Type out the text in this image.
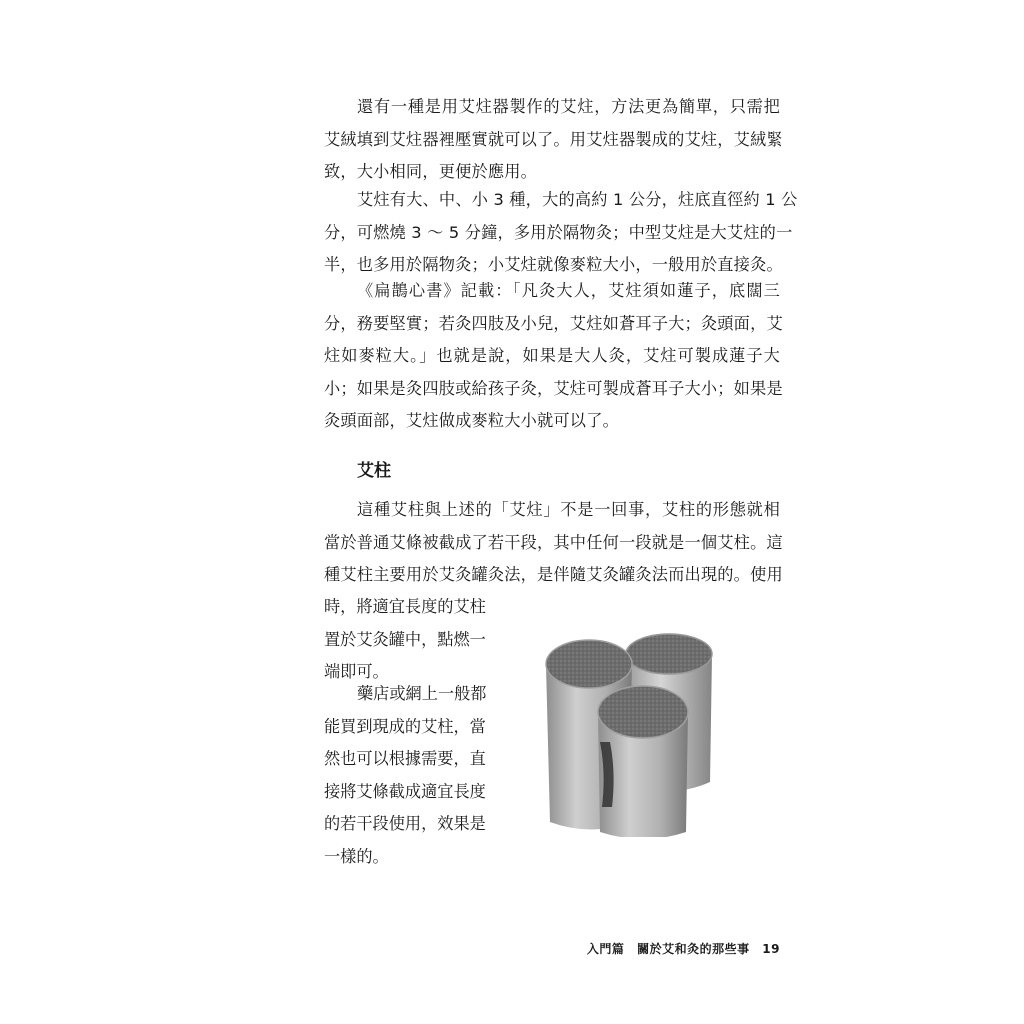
還有一種是用艾炷器製作的艾炷，方法更為簡單，只需把
艾絨填到艾炷器裡壓實就可以了。用艾炷器製成的艾炷，艾絨緊
致，大小相同，更便於應用。
艾炷有大、中、小 3 種，大的高約 1 公分，炷底直徑約 1 公
分，可燃燒 3 ～ 5 分鐘，多用於隔物灸；中型艾炷是大艾炷的一
半，也多用於隔物灸；小艾炷就像麥粒大小，一般用於直接灸。
《扁鵲心書》記載：「凡灸大人，艾炷須如蓮子，底闊三
分，務要堅實；若灸四肢及小兒，艾炷如蒼耳子大；灸頭面，艾
炷如麥粒大。」也就是說，如果是大人灸，艾炷可製成蓮子大
小；如果是灸四肢或給孩子灸，艾炷可製成蒼耳子大小；如果是
灸頭面部，艾炷做成麥粒大小就可以了。
艾柱
這種艾柱與上述的「艾炷」不是一回事，艾柱的形態就相
當於普通艾條被截成了若干段，其中任何一段就是一個艾柱。這
種艾柱主要用於艾灸罐灸法，是伴隨艾灸罐灸法而出現的。使用
時，將適宜長度的艾柱
置於艾灸罐中，點燃一
端即可。
藥店或網上一般都
能買到現成的艾柱，當
然也可以根據需要，直
接將艾條截成適宜長度
的若干段使用，效果是
一樣的。
入門篇 關於艾和灸的那些事 19
